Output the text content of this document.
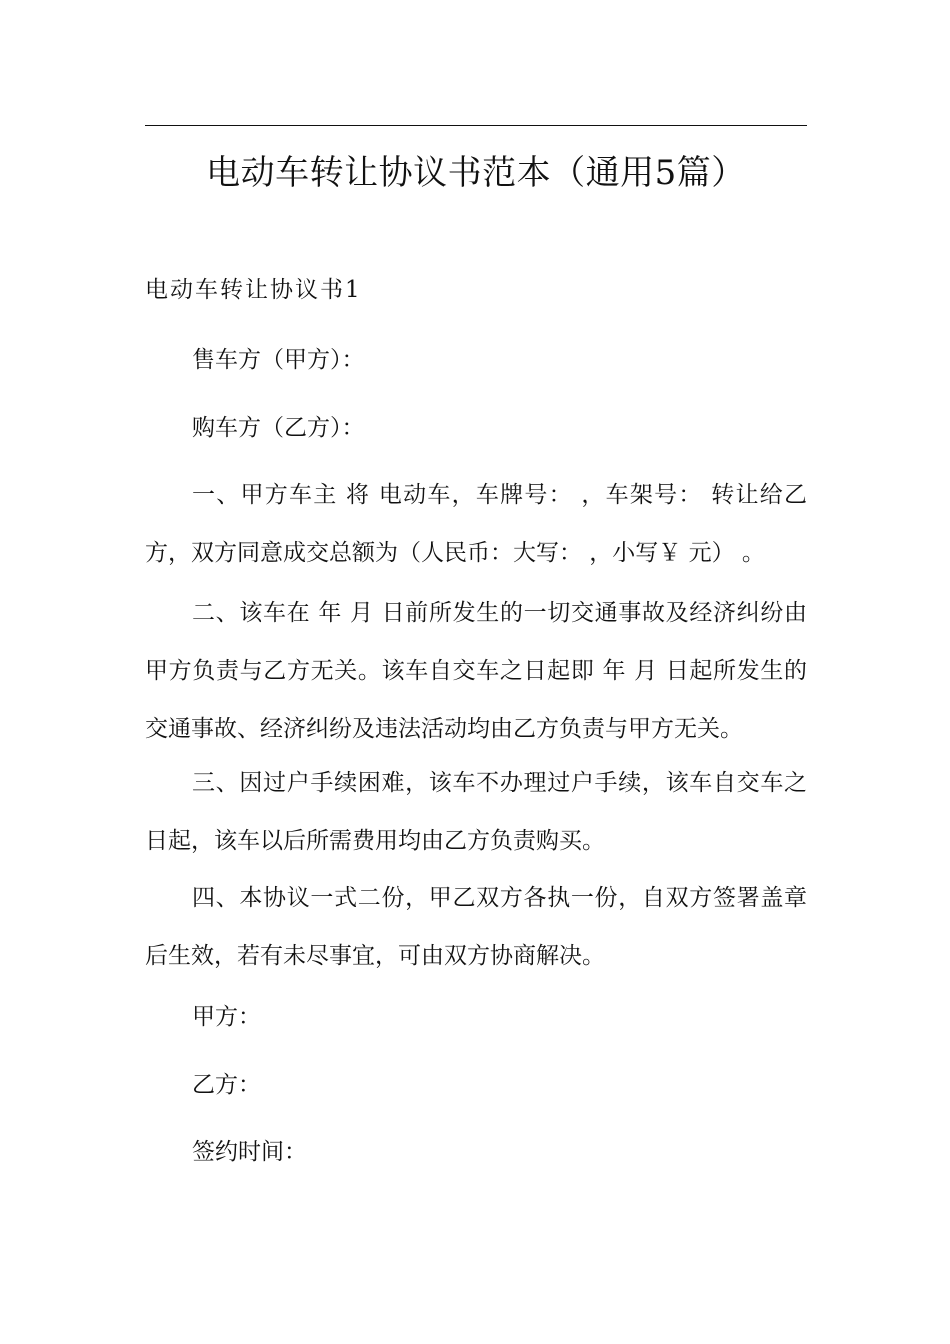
电动车转让协议书范本（通用5篇）
电动车转让协议书1
售车方（甲方）：
购车方（乙方）：

一、甲方车主 将 电动车，车牌号： ，车架号： 转让给乙方，双方同意成交总额为（人民币：大写： ，小写￥ 元） 。

二、该车在 年 月 日前所发生的一切交通事故及经济纠纷由甲方负责与乙方无关。该车自交车之日起即 年 月 日起所发生的交通事故、经济纠纷及违法活动均由乙方负责与甲方无关。

三、因过户手续困难，该车不办理过户手续，该车自交车之日起，该车以后所需费用均由乙方负责购买。

四、本协议一式二份，甲乙双方各执一份，自双方签署盖章后生效，若有未尽事宜，可由双方协商解决。

甲方：
乙方：
签约时间：
